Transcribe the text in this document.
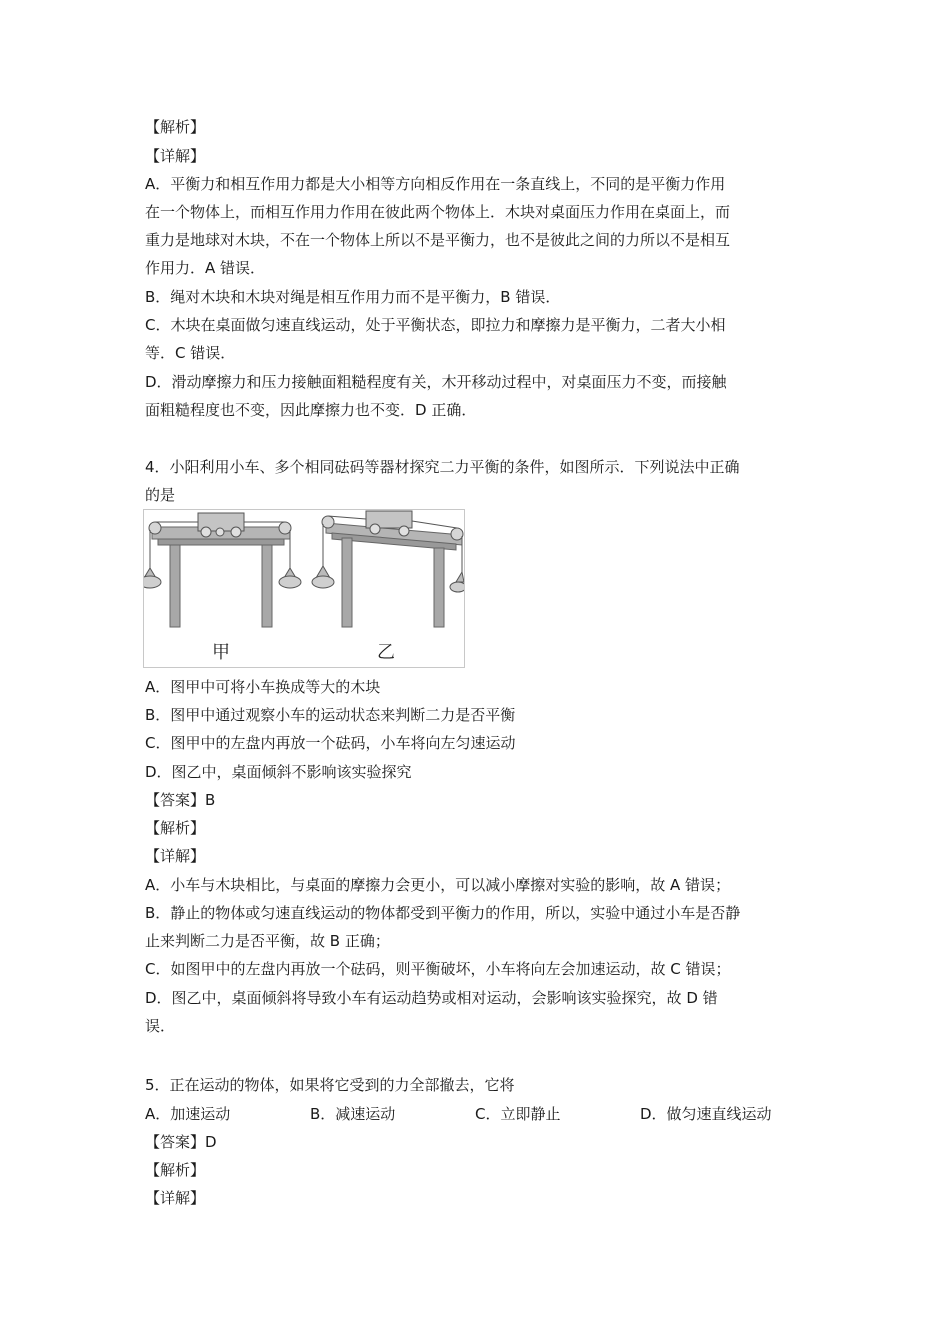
【解析】
【详解】
A．平衡力和相互作用力都是大小相等方向相反作用在一条直线上，不同的是平衡力作用
在一个物体上，而相互作用力作用在彼此两个物体上．木块对桌面压力作用在桌面上，而
重力是地球对木块，不在一个物体上所以不是平衡力，也不是彼此之间的力所以不是相互
作用力．A 错误．
B．绳对木块和木块对绳是相互作用力而不是平衡力，B 错误．
C．木块在桌面做匀速直线运动，处于平衡状态，即拉力和摩擦力是平衡力，二者大小相
等．C 错误．
D．滑动摩擦力和压力接触面粗糙程度有关，木开移动过程中，对桌面压力不变，而接触
面粗糙程度也不变，因此摩擦力也不变．D 正确．
4．小阳利用小车、多个相同砝码等器材探究二力平衡的条件，如图所示．下列说法中正确
的是
甲	乙
A．图甲中可将小车换成等大的木块
B．图甲中通过观察小车的运动状态来判断二力是否平衡
C．图甲中的左盘内再放一个砝码，小车将向左匀速运动
D．图乙中，桌面倾斜不影响该实验探究
【答案】B
【解析】
【详解】
A．小车与木块相比，与桌面的摩擦力会更小，可以减小摩擦对实验的影响，故 A 错误；
B．静止的物体或匀速直线运动的物体都受到平衡力的作用，所以，实验中通过小车是否静
止来判断二力是否平衡，故 B 正确；
C．如图甲中的左盘内再放一个砝码，则平衡破坏，小车将向左会加速运动，故 C 错误；
D．图乙中，桌面倾斜将导致小车有运动趋势或相对运动，会影响该实验探究，故 D 错
误．
5．正在运动的物体，如果将它受到的力全部撤去，它将
A．加速运动	B．减速运动	C．立即静止	D．做匀速直线运动
【答案】D
【解析】
【详解】
